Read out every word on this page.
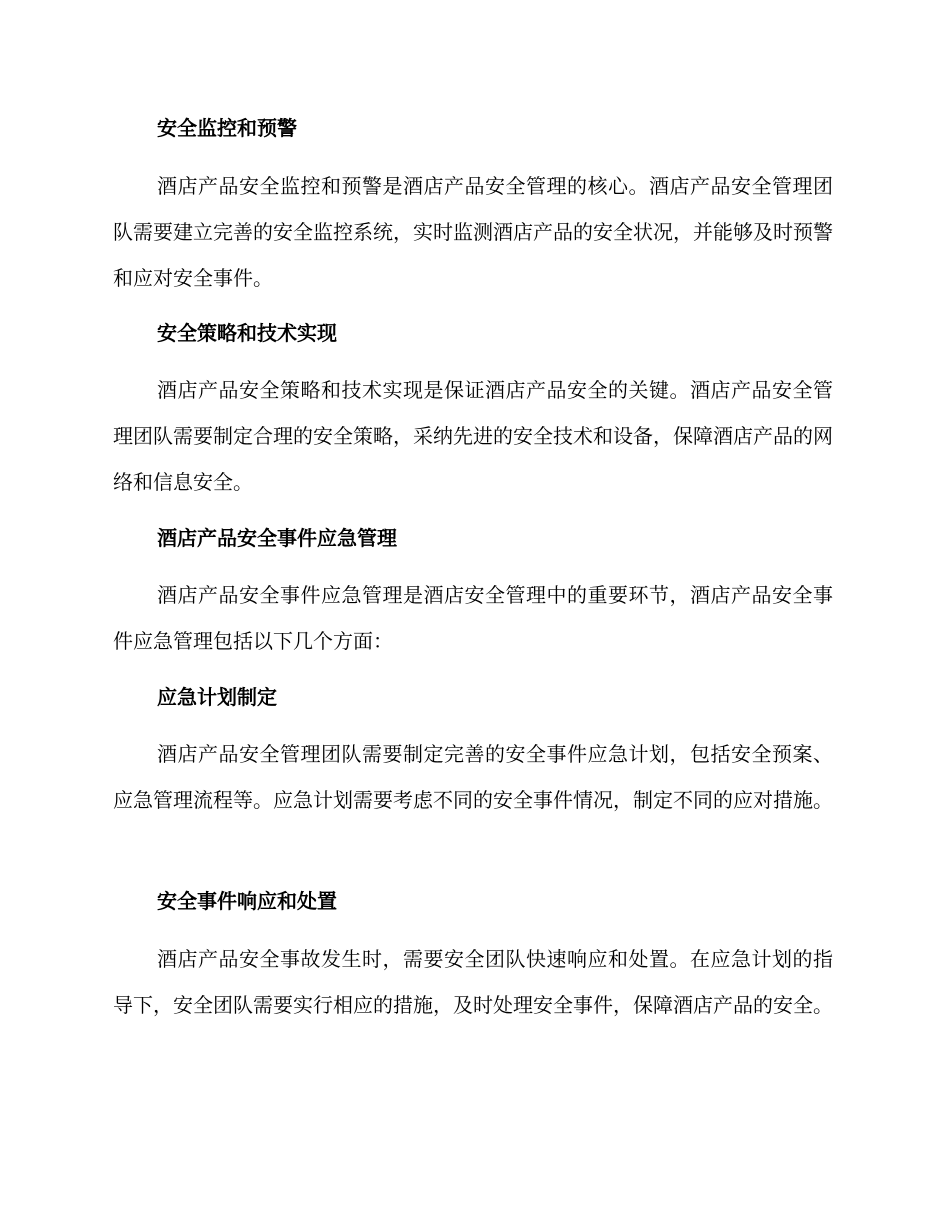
安全监控和预警

酒店产品安全监控和预警是酒店产品安全管理的核心。酒店产品安全管理团队需要建立完善的安全监控系统，实时监测酒店产品的安全状况，并能够及时预警和应对安全事件。

安全策略和技术实现

酒店产品安全策略和技术实现是保证酒店产品安全的关键。酒店产品安全管理团队需要制定合理的安全策略，采纳先进的安全技术和设备，保障酒店产品的网络和信息安全。

酒店产品安全事件应急管理

酒店产品安全事件应急管理是酒店安全管理中的重要环节，酒店产品安全事件应急管理包括以下几个方面：

应急计划制定

酒店产品安全管理团队需要制定完善的安全事件应急计划，包括安全预案、应急管理流程等。应急计划需要考虑不同的安全事件情况，制定不同的应对措施。

安全事件响应和处置

酒店产品安全事故发生时，需要安全团队快速响应和处置。在应急计划的指导下，安全团队需要实行相应的措施，及时处理安全事件，保障酒店产品的安全。
